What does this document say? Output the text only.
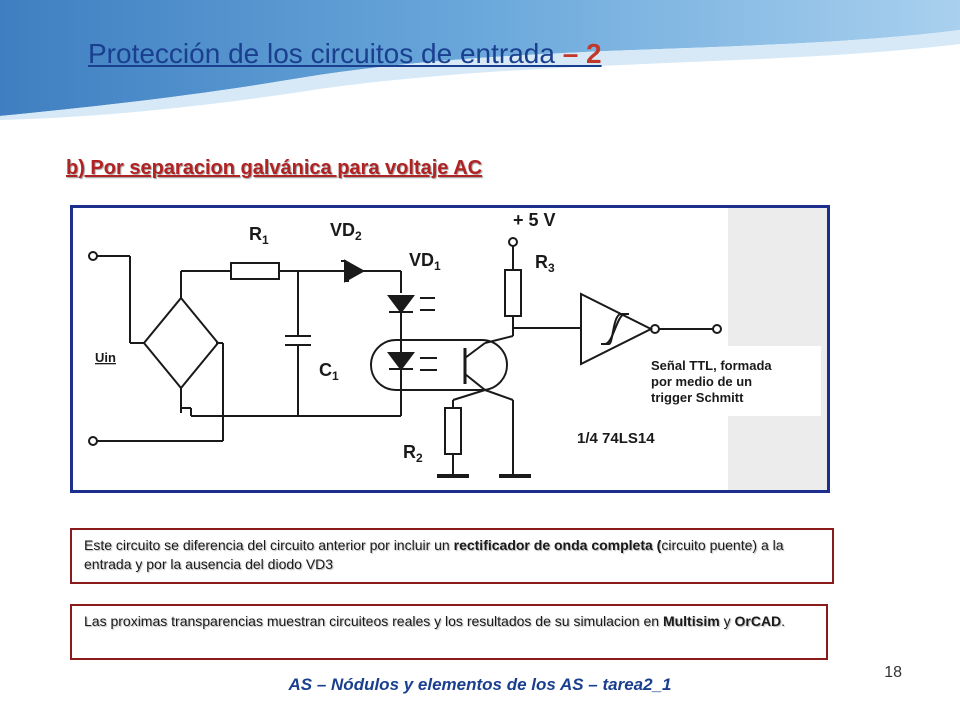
Protección de los circuitos de entrada – 2
b) Por separacion galvánica para voltaje AC
+ 5 V
$R_1$	$VD_2$
$VD_1$	$R_3$
$C_1$
$R_2$
Uin
1/4 74LS14
Señal TTL, formada
por medio de un
trigger Schmitt
Este circuito se diferencia del circuito anterior por incluir un rectificador de onda completa (circuito puente) a la entrada y por la ausencia del diodo VD3
Las proximas transparencias muestran circuiteos reales y los resultados de su simulacion en Multisim y OrCAD.
18
AS – Nódulos y elementos de los AS – tarea2_1
